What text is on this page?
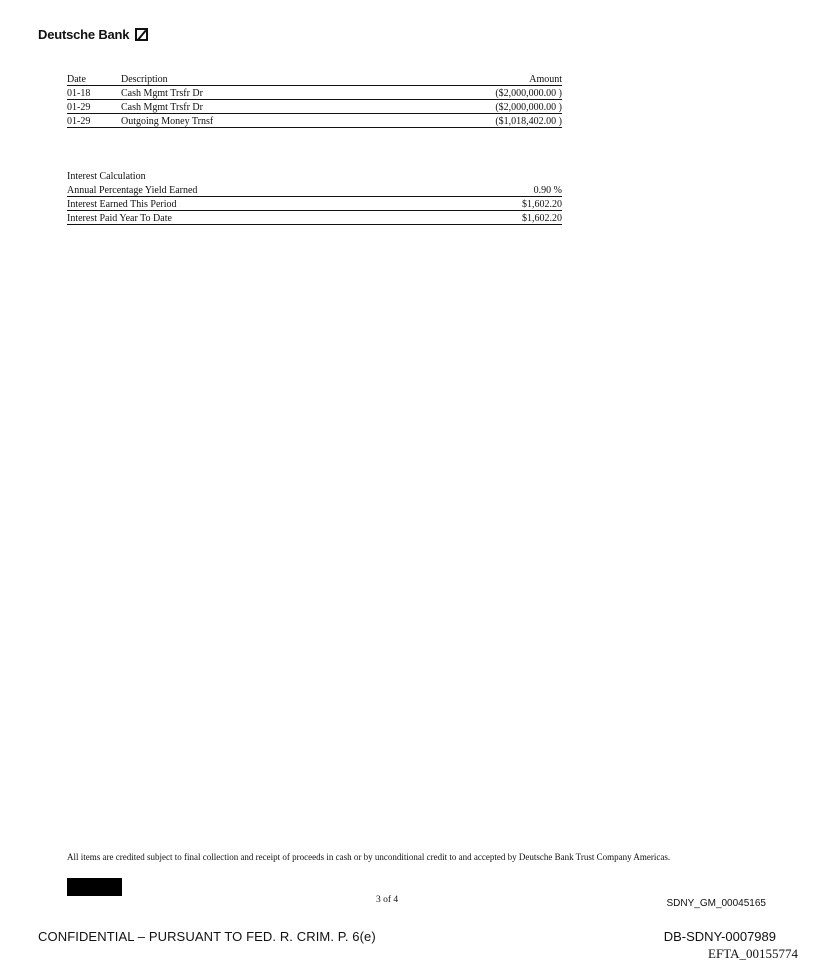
Deutsche Bank
Date	Description	Amount
01-18	Cash Mgmt Trsfr Dr	($2,000,000.00 )
01-29	Cash Mgmt Trsfr Dr	($2,000,000.00 )
01-29	Outgoing Money Trnsf	($1,018,402.00 )
Interest Calculation
Annual Percentage Yield Earned	0.90 %
Interest Earned This Period	$1,602.20
Interest Paid Year To Date	$1,602.20
All items are credited subject to final collection and receipt of proceeds in cash or by unconditional credit to and accepted by Deutsche Bank Trust Company Americas.
3 of 4	SDNY_GM_00045165
CONFIDENTIAL – PURSUANT TO FED. R. CRIM. P. 6(e)	DB-SDNY-0007989
EFTA_00155774
